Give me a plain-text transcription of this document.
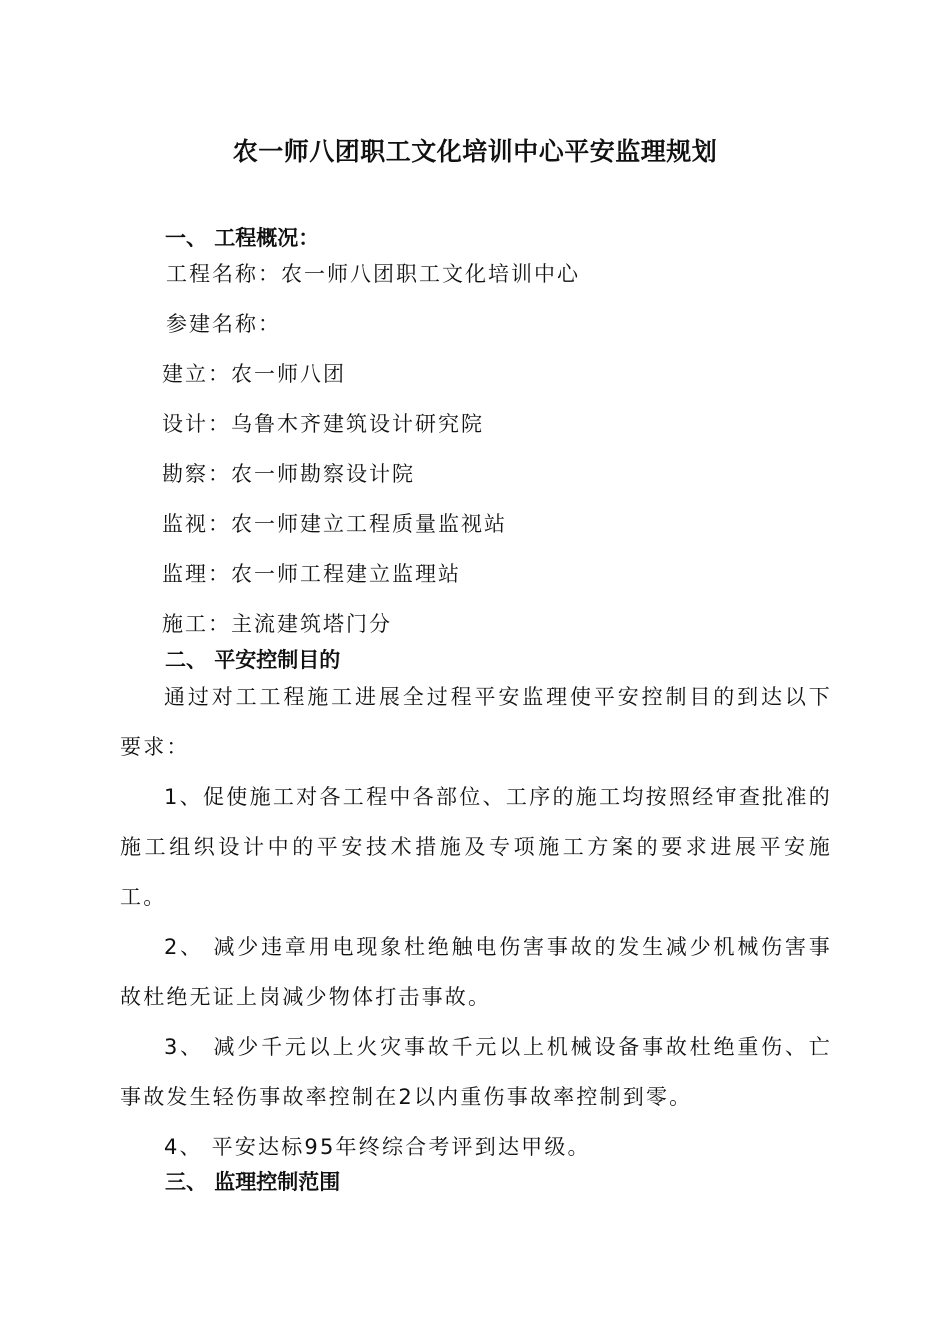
农一师八团职工文化培训中心平安监理规划
一、 工程概况：
工程名称：农一师八团职工文化培训中心
参建名称：
建立：农一师八团
设计：乌鲁木齐建筑设计研究院
勘察：农一师勘察设计院
监视：农一师建立工程质量监视站
监理：农一师工程建立监理站
施工：主流建筑塔门分
二、 平安控制目的

通过对工工程施工进展全过程平安监理使平安控制目的到达以下要求：

1、促使施工对各工程中各部位、工序的施工均按照经审查批准的施工组织设计中的平安技术措施及专项施工方案的要求进展平安施工。

2、 减少违章用电现象杜绝触电伤害事故的发生减少机械伤害事故杜绝无证上岗减少物体打击事故。

3、 减少千元以上火灾事故千元以上机械设备事故杜绝重伤、亡事故发生轻伤事故率控制在2以内重伤事故率控制到零。

4、 平安达标95年终综合考评到达甲级。

三、 监理控制范围
